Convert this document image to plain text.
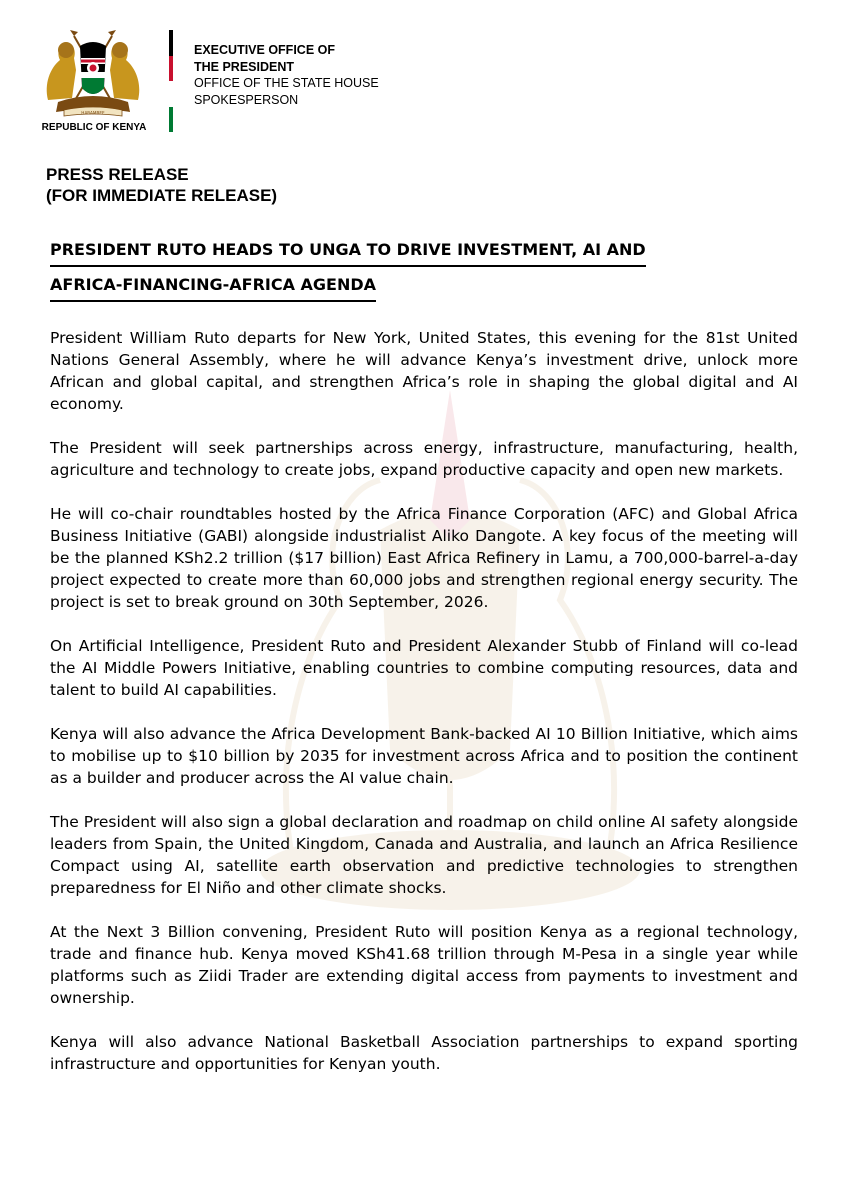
HARAMBEE
REPUBLIC OF KENYA
EXECUTIVE OFFICE OF
THE PRESIDENT
OFFICE OF THE STATE HOUSE
SPOKESPERSON
PRESS RELEASE
(FOR IMMEDIATE RELEASE)
PRESIDENT RUTO HEADS TO UNGA TO DRIVE INVESTMENT, AI AND
AFRICA-FINANCING-AFRICA AGENDA

President William Ruto departs for New York, United States, this evening for the 81st United Nations General Assembly, where he will advance Kenya’s investment drive, unlock more African and global capital, and strengthen Africa’s role in shaping the global digital and AI economy.

The President will seek partnerships across energy, infrastructure, manufacturing, health, agriculture and technology to create jobs, expand productive capacity and open new markets.

He will co-chair roundtables hosted by the Africa Finance Corporation (AFC) and Global Africa Business Initiative (GABI) alongside industrialist Aliko Dangote. A key focus of the meeting will be the planned KSh2.2 trillion ($17 billion) East Africa Refinery in Lamu, a 700,000-barrel-a-day project expected to create more than 60,000 jobs and strengthen regional energy security. The project is set to break ground on 30th September, 2026.

On Artificial Intelligence, President Ruto and President Alexander Stubb of Finland will co-lead the AI Middle Powers Initiative, enabling countries to combine computing resources, data and talent to build AI capabilities.

Kenya will also advance the Africa Development Bank-backed AI 10 Billion Initiative, which aims to mobilise up to $10 billion by 2035 for investment across Africa and to position the continent as a builder and producer across the AI value chain.

The President will also sign a global declaration and roadmap on child online AI safety alongside leaders from Spain, the United Kingdom, Canada and Australia, and launch an Africa Resilience Compact using AI, satellite earth observation and predictive technologies to strengthen preparedness for El Niño and other climate shocks.

At the Next 3 Billion convening, President Ruto will position Kenya as a regional technology, trade and finance hub. Kenya moved KSh41.68 trillion through M-Pesa in a single year while platforms such as Ziidi Trader are extending digital access from payments to investment and ownership.

Kenya will also advance National Basketball Association partnerships to expand sporting infrastructure and opportunities for Kenyan youth.
